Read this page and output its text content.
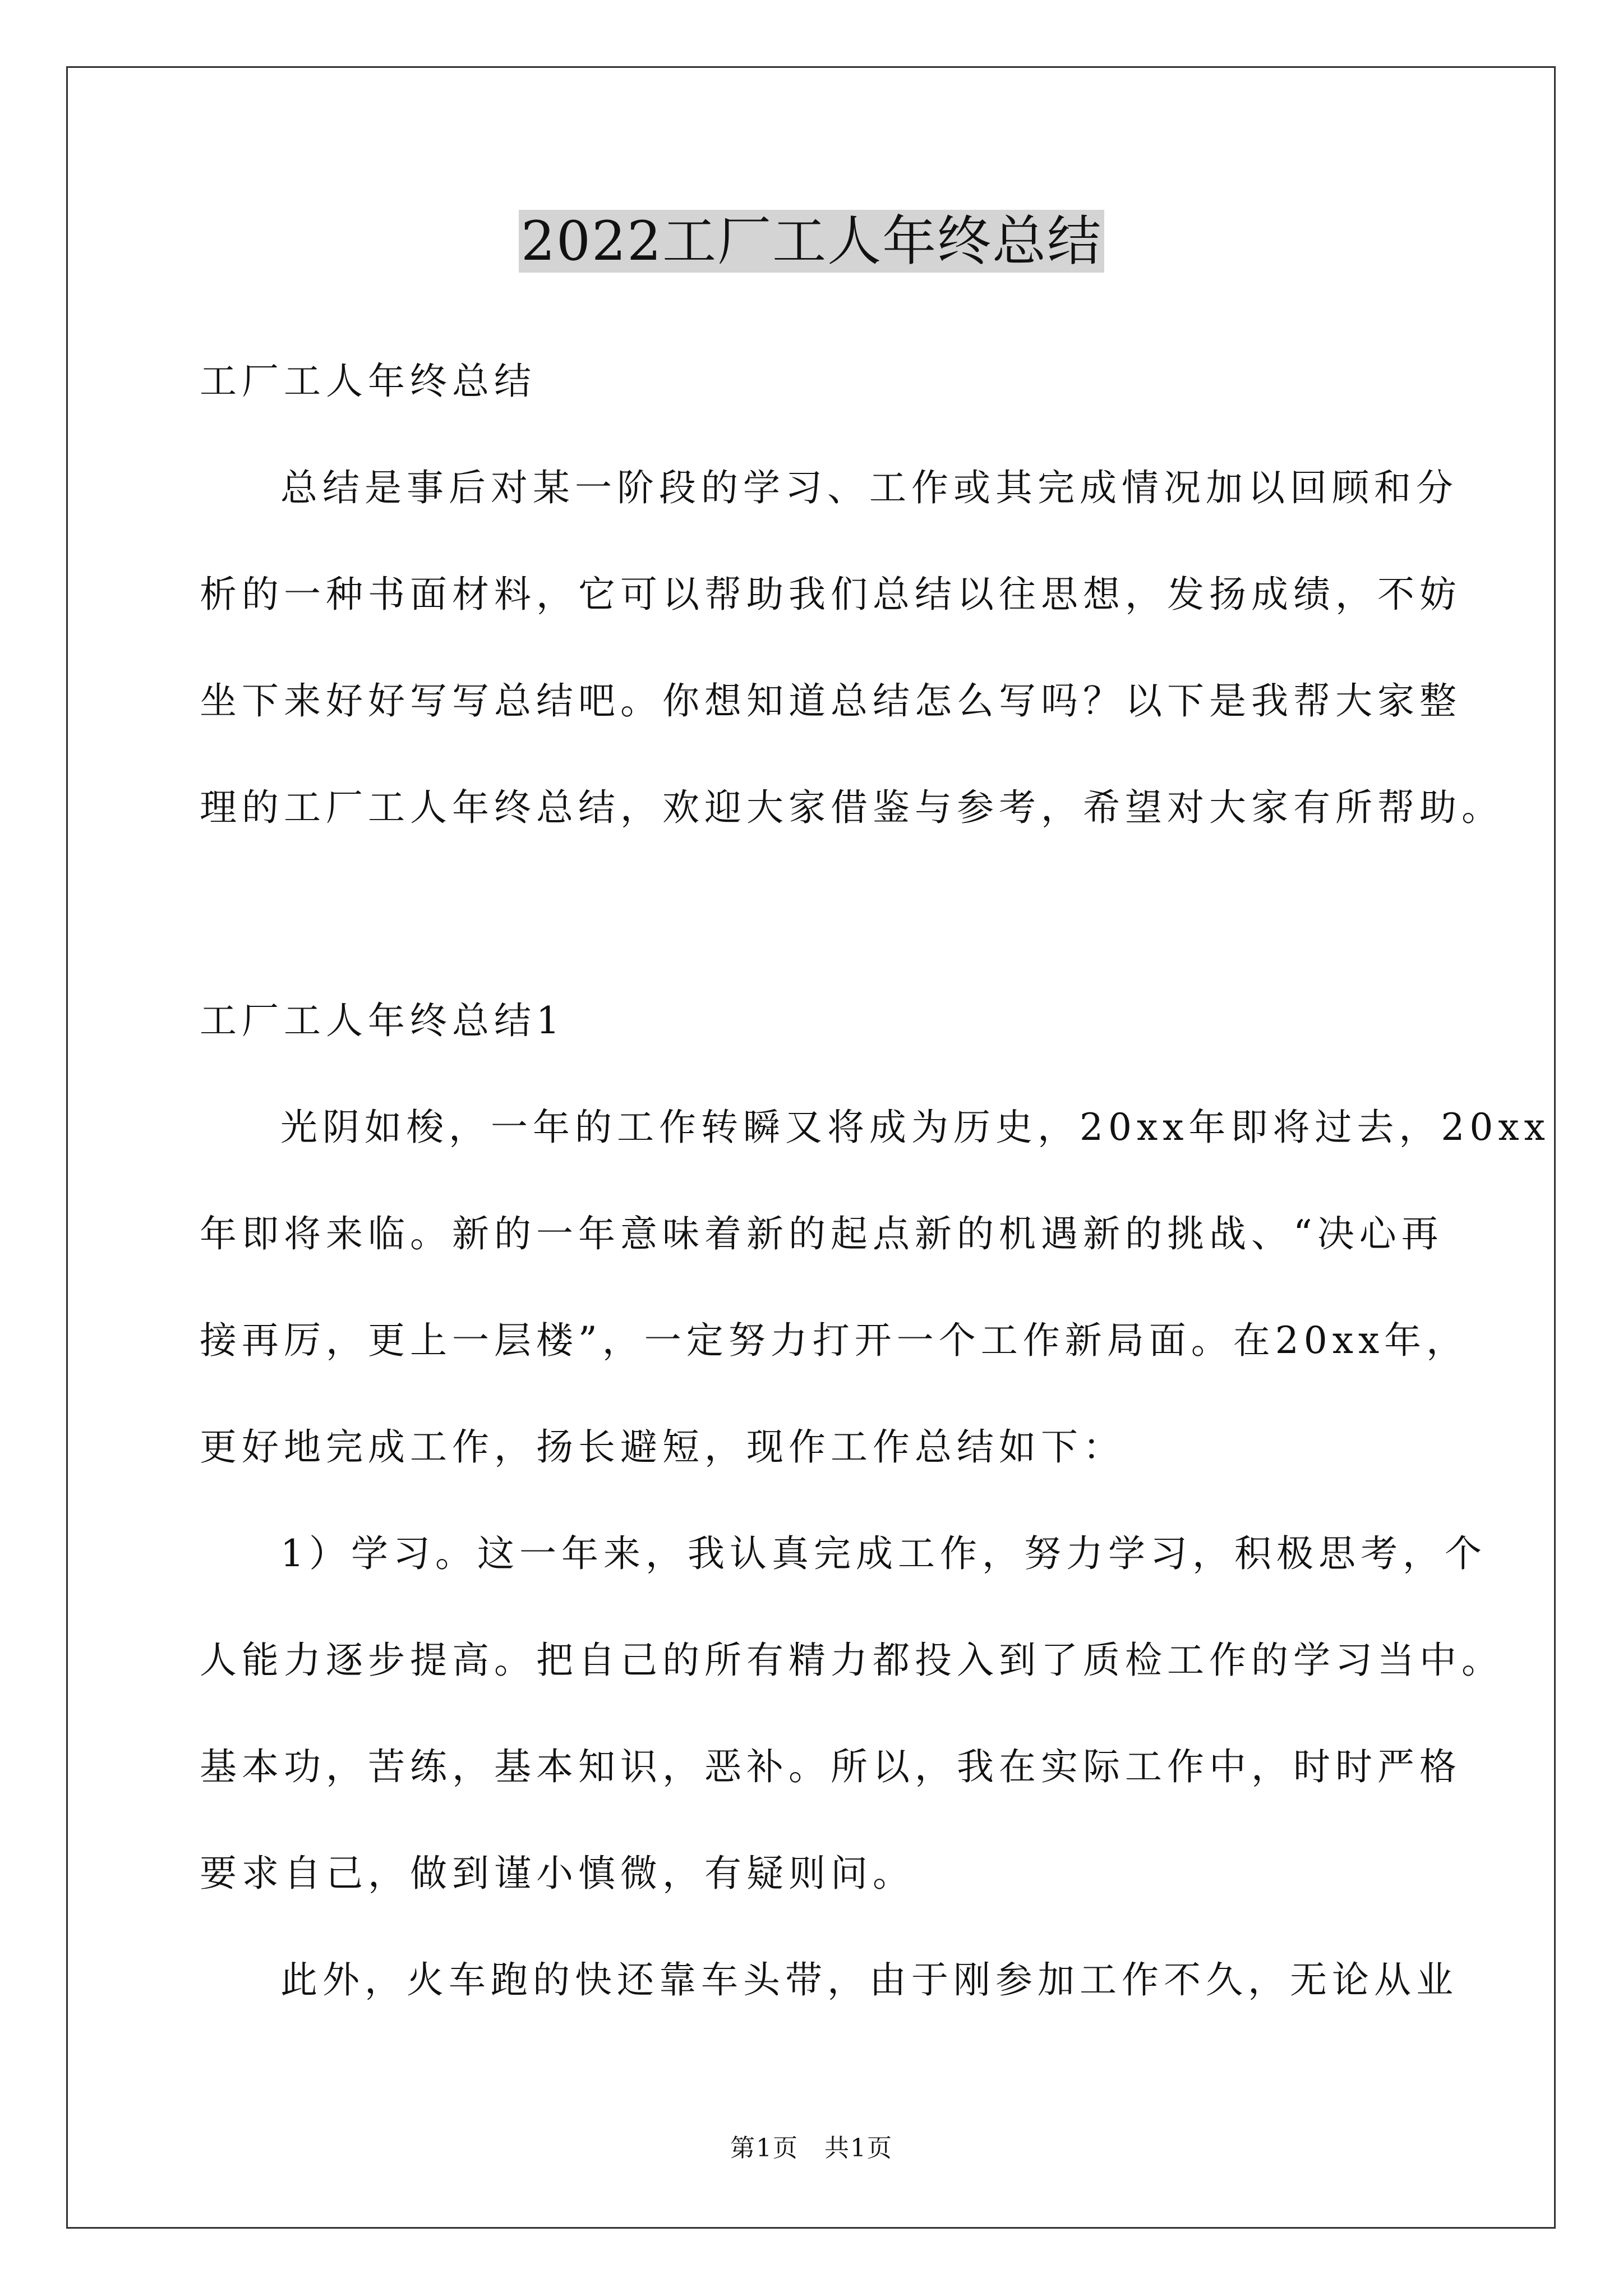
2022工厂工人年终总结
工厂工人年终总结
总结是事后对某一阶段的学习、工作或其完成情况加以回顾和分
析的一种书面材料，它可以帮助我们总结以往思想，发扬成绩，不妨
坐下来好好写写总结吧。你想知道总结怎么写吗？以下是我帮大家整
理的工厂工人年终总结，欢迎大家借鉴与参考，希望对大家有所帮助。
工厂工人年终总结1
光阴如梭，一年的工作转瞬又将成为历史，20xx年即将过去，20xx
年即将来临。新的一年意味着新的起点新的机遇新的挑战、“决心再
接再厉，更上一层楼”，一定努力打开一个工作新局面。在20xx年，
更好地完成工作，扬长避短，现作工作总结如下：
1）学习。这一年来，我认真完成工作，努力学习，积极思考，个
人能力逐步提高。把自己的所有精力都投入到了质检工作的学习当中。
基本功，苦练，基本知识，恶补。所以，我在实际工作中，时时严格
要求自己，做到谨小慎微，有疑则问。
此外，火车跑的快还靠车头带，由于刚参加工作不久，无论从业
第1页　共1页
